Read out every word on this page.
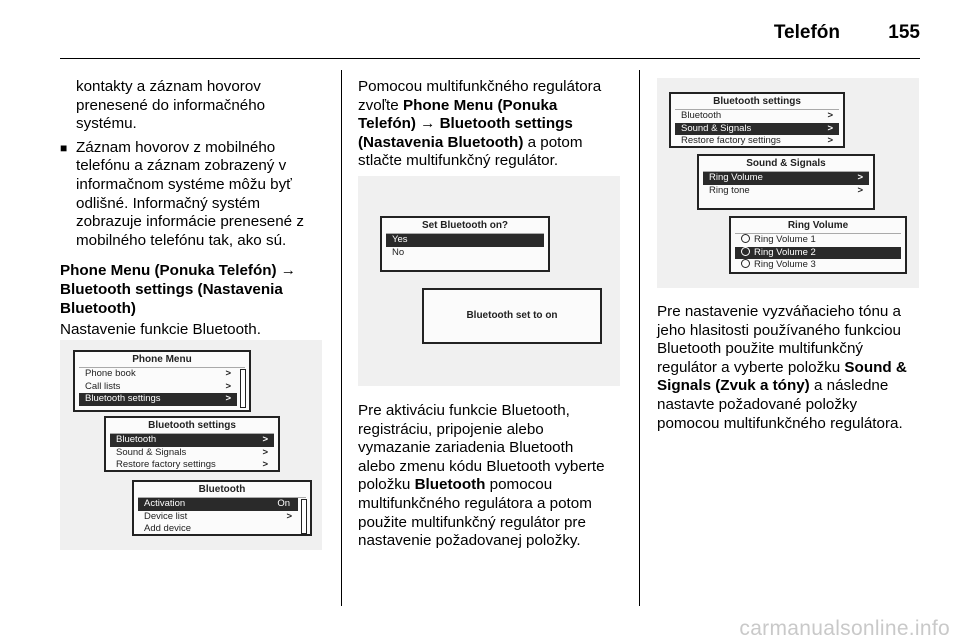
Telefón	155

kontakty a záznam hovorov

prenesené do informačného

systému.

■ Záznam hovorov z mobilného

telefónu a záznam zobrazený v

informačnom systéme môžu byť

odlišné. Informačný systém

zobrazuje informácie prenesené z

mobilného telefónu tak, ako sú.

Phone Menu (Ponuka Telefón) →

Bluetooth settings (Nastavenia

Bluetooth)

Nastavenie funkcie Bluetooth.

Phone Menu
Phone book	>
Call lists	>
Bluetooth settings	>
Bluetooth settings
Bluetooth	>
Sound & Signals	>
Restore factory settings	>
Bluetooth
Activation	On
Device list	>
Add device

Pomocou multifunkčného regulátora

zvoľte Phone Menu (Ponuka

Telefón) → Bluetooth settings

(Nastavenia Bluetooth) a potom

stlačte multifunkčný regulátor.

Set Bluetooth on?
Yes
No
Bluetooth set to on

Pre aktiváciu funkcie Bluetooth,

registráciu, pripojenie alebo

vymazanie zariadenia Bluetooth

alebo zmenu kódu Bluetooth vyberte

položku Bluetooth pomocou

multifunkčného regulátora a potom

použite multifunkčný regulátor pre

nastavenie požadovanej položky.

Bluetooth settings
Bluetooth	>
Sound & Signals	>
Restore factory settings	>
Sound & Signals
Ring Volume	>
Ring tone	>
Ring Volume
Ring Volume 1
Ring Volume 2
Ring Volume 3

Pre nastavenie vyzváňacieho tónu a

jeho hlasitosti používaného funkciou

Bluetooth použite multifunkčný

regulátor a vyberte položku Sound &

Signals (Zvuk a tóny) a následne

nastavte požadované položky

pomocou multifunkčného regulátora.

carmanualsonline.info
